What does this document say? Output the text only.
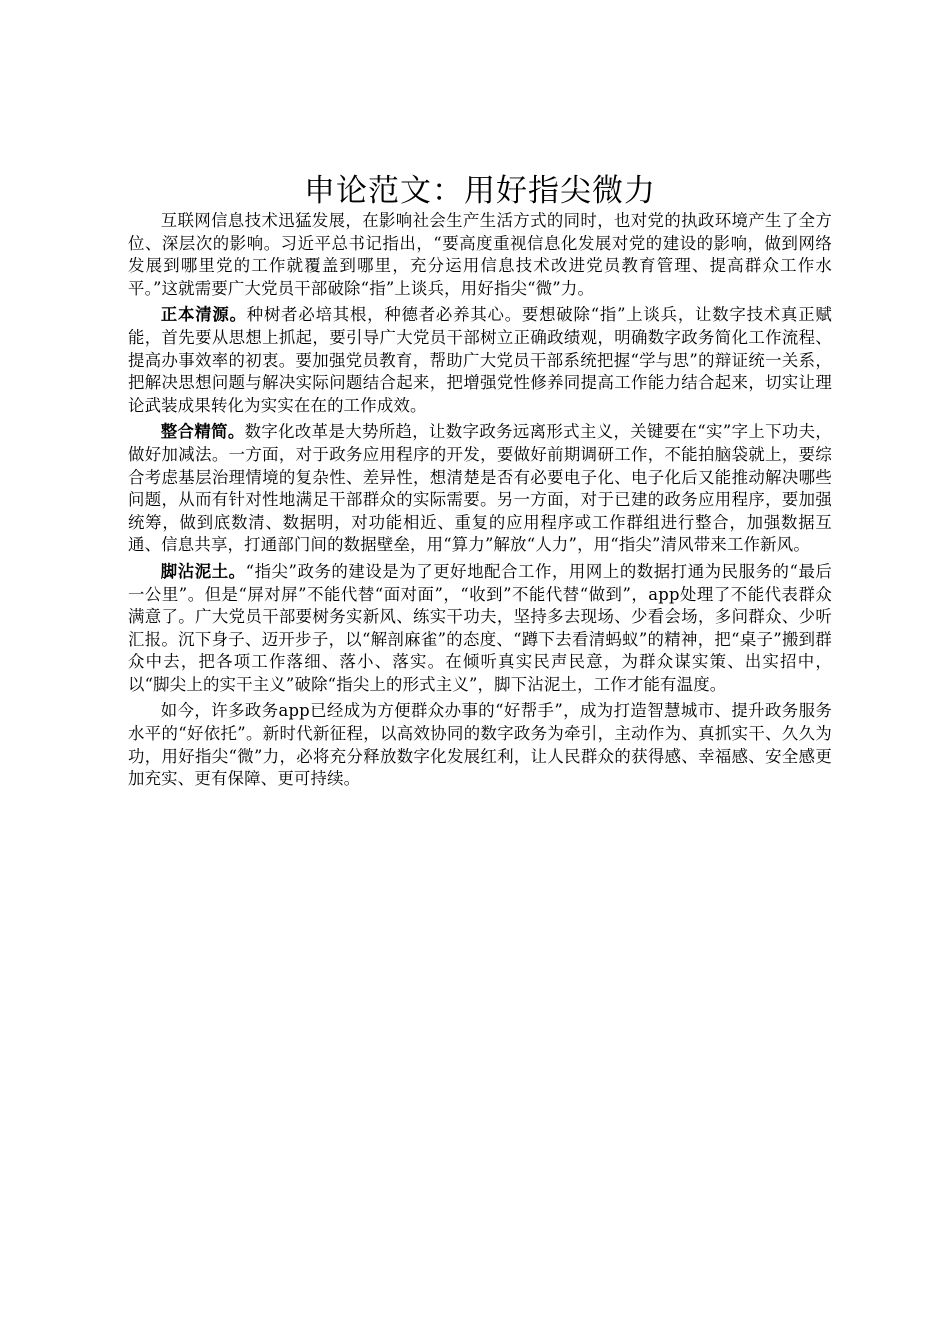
申论范文：用好指尖微力

互联网信息技术迅猛发展，在影响社会生产生活方式的同时，也对党的执政环境产生了全方位、深层次的影响。习近平总书记指出，“要高度重视信息化发展对党的建设的影响，做到网络发展到哪里党的工作就覆盖到哪里，充分运用信息技术改进党员教育管理、提高群众工作水平。”这就需要广大党员干部破除“指”上谈兵，用好指尖“微”力。

正本清源。种树者必培其根，种德者必养其心。要想破除“指”上谈兵，让数字技术真正赋能，首先要从思想上抓起，要引导广大党员干部树立正确政绩观，明确数字政务简化工作流程、提高办事效率的初衷。要加强党员教育，帮助广大党员干部系统把握“学与思”的辩证统一关系，把解决思想问题与解决实际问题结合起来，把增强党性修养同提高工作能力结合起来，切实让理论武装成果转化为实实在在的工作成效。

整合精简。数字化改革是大势所趋，让数字政务远离形式主义，关键要在“实”字上下功夫，做好加减法。一方面，对于政务应用程序的开发，要做好前期调研工作，不能拍脑袋就上，要综合考虑基层治理情境的复杂性、差异性，想清楚是否有必要电子化、电子化后又能推动解决哪些问题，从而有针对性地满足干部群众的实际需要。另一方面，对于已建的政务应用程序，要加强统筹，做到底数清、数据明，对功能相近、重复的应用程序或工作群组进行整合，加强数据互通、信息共享，打通部门间的数据壁垒，用“算力”解放“人力”，用“指尖”清风带来工作新风。

脚沾泥土。“指尖”政务的建设是为了更好地配合工作，用网上的数据打通为民服务的“最后一公里”。但是“屏对屏”不能代替“面对面”，“收到”不能代替“做到”，app处理了不能代表群众满意了。广大党员干部要树务实新风、练实干功夫，坚持多去现场、少看会场，多问群众、少听汇报。沉下身子、迈开步子，以“解剖麻雀”的态度、“蹲下去看清蚂蚁”的精神，把“桌子”搬到群众中去，把各项工作落细、落小、落实。在倾听真实民声民意，为群众谋实策、出实招中，以“脚尖上的实干主义”破除“指尖上的形式主义”，脚下沾泥土，工作才能有温度。

如今，许多政务app已经成为方便群众办事的“好帮手”，成为打造智慧城市、提升政务服务水平的“好依托”。新时代新征程，以高效协同的数字政务为牵引，主动作为、真抓实干、久久为功，用好指尖“微”力，必将充分释放数字化发展红利，让人民群众的获得感、幸福感、安全感更加充实、更有保障、更可持续。
